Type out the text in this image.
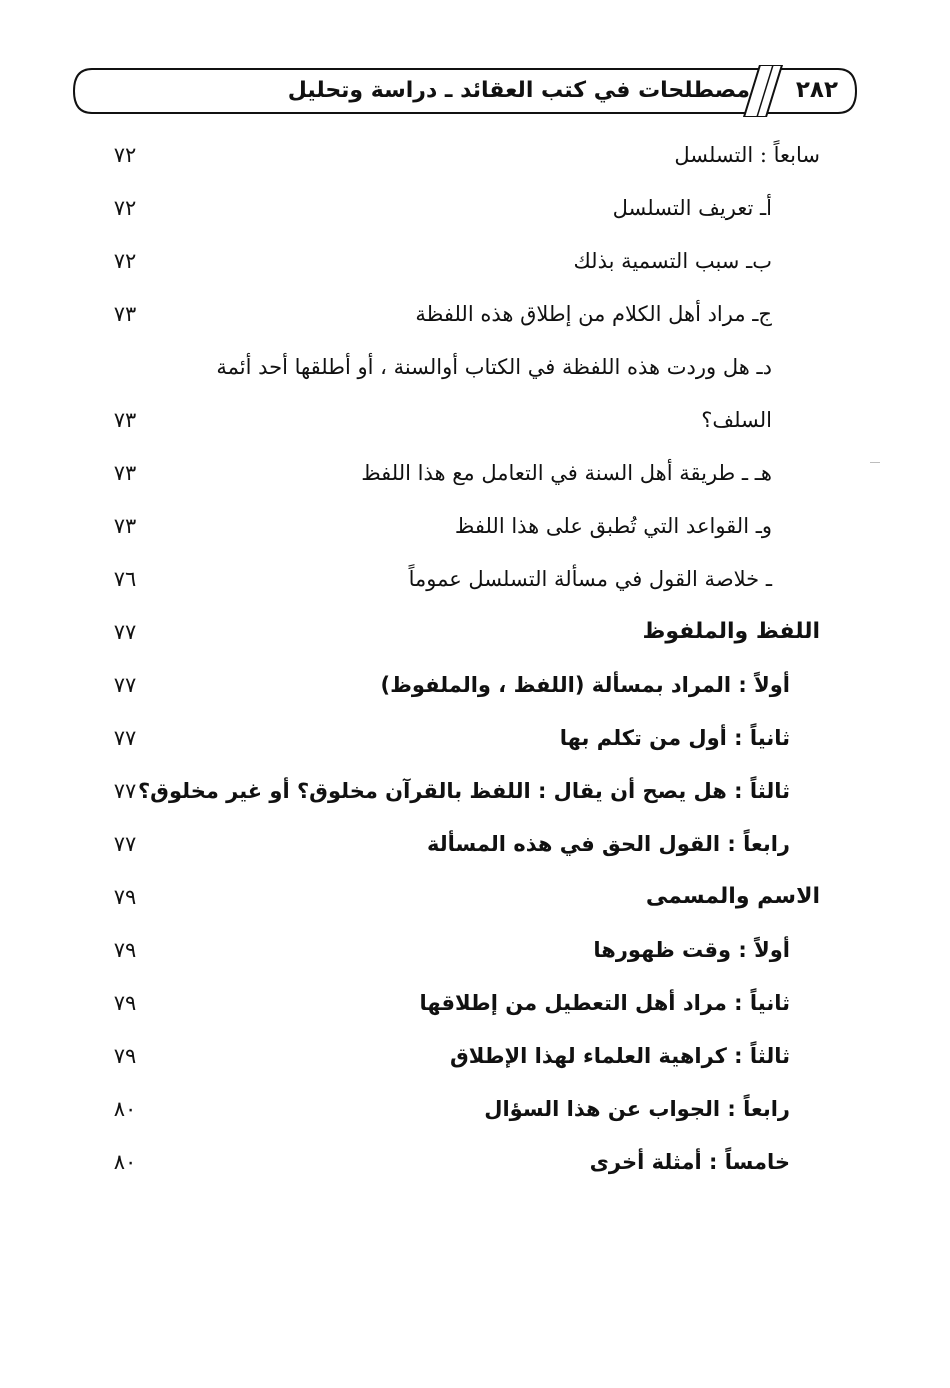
مصطلحات في كتب العقائد ـ دراسة وتحليل ٢٨٢
سابعاً : التسلسل
٧٢
أ‌ـ تعريف التسلسل
٧٢
ب‌ـ سبب التسمية بذلك
٧٢
ج‌ـ مراد أهل الكلام من إطلاق هذه اللفظة
٧٣
د‌ـ هل وردت هذه اللفظة في الكتاب أوالسنة ، أو أطلقها أحد أئمة
السلف؟
٧٣
هـ ـ طريقة أهل السنة في التعامل مع هذا اللفظ
٧٣
و‌ـ القواعد التي تُطبق على هذا اللفظ
٧٣
ـ خلاصة القول في مسألة التسلسل عموماً
٧٦
اللفظ والملفوظ
٧٧
أولاً : المراد بمسألة (اللفظ ، والملفوظ)
٧٧
ثانياً : أول من تكلم بها
٧٧
ثالثاً : هل يصح أن يقال : اللفظ بالقرآن مخلوق؟ أو غير مخلوق؟
٧٧
رابعاً : القول الحق في هذه المسألة
٧٧
الاسم والمسمى
٧٩
أولاً : وقت ظهورها
٧٩
ثانياً : مراد أهل التعطيل من إطلاقها
٧٩
ثالثاً : كراهية العلماء لهذا الإطلاق
٧٩
رابعاً : الجواب عن هذا السؤال
٨٠
خامساً : أمثلة أخرى
٨٠
